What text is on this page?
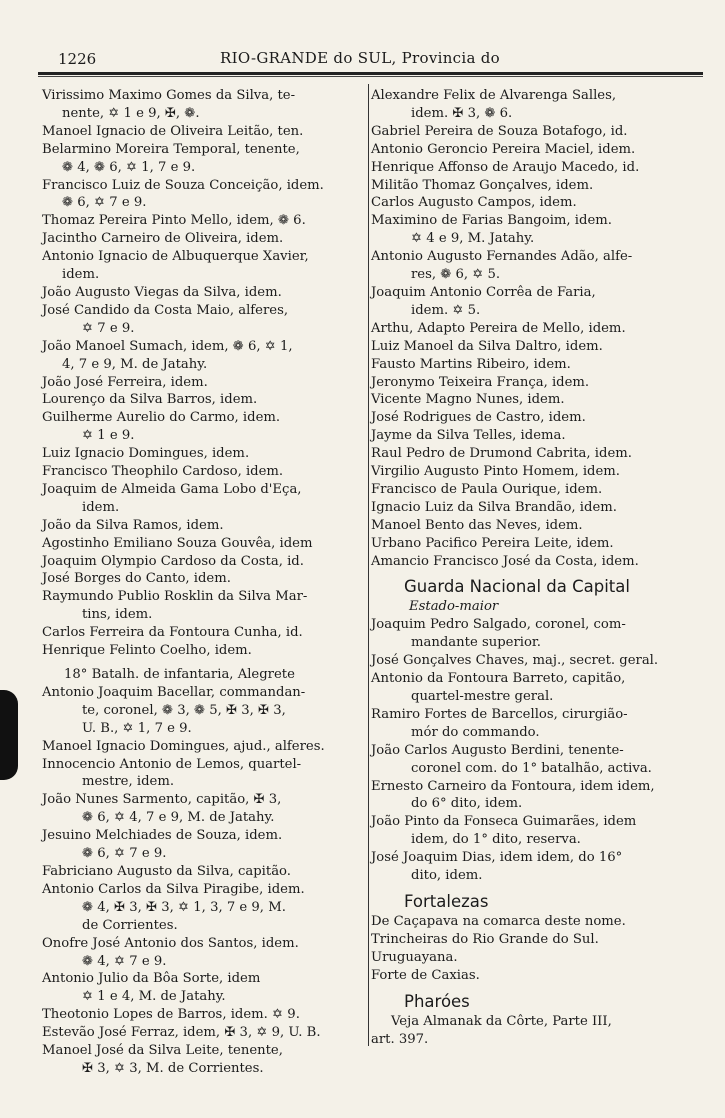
1226	RIO-GRANDE do SUL, Provincia do
Virissimo Maximo Gomes da Silva, te-
nente, ✡ 1 e 9, ✠, ❁.
Manoel Ignacio de Oliveira Leitão, ten.
Belarmino Moreira Temporal, tenente,
❁ 4, ❁ 6, ✡ 1, 7 e 9.
Francisco Luiz de Souza Conceição, idem.
❁ 6, ✡ 7 e 9.
Thomaz Pereira Pinto Mello, idem, ❁ 6.
Jacintho Carneiro de Oliveira, idem.
Antonio Ignacio de Albuquerque Xavier,
idem.
João Augusto Viegas da Silva, idem.
José Candido da Costa Maio, alferes,
✡ 7 e 9.
João Manoel Sumach, idem, ❁ 6, ✡ 1,
4, 7 e 9, M. de Jatahy.
João José Ferreira, idem.
Lourenço da Silva Barros, idem.
Guilherme Aurelio do Carmo, idem.
✡ 1 e 9.
Luiz Ignacio Domingues, idem.
Francisco Theophilo Cardoso, idem.
Joaquim de Almeida Gama Lobo d'Eça,
idem.
João da Silva Ramos, idem.
Agostinho Emiliano Souza Gouvêa, idem
Joaquim Olympio Cardoso da Costa, id.
José Borges do Canto, idem.
Raymundo Publio Rosklin da Silva Mar-
tins, idem.
Carlos Ferreira da Fontoura Cunha, id.
Henrique Felinto Coelho, idem.
18° Batalh. de infantaria, Alegrete
Antonio Joaquim Bacellar, commandan-
te, coronel, ❁ 3, ❁ 5, ✠ 3, ✠ 3,
U. B., ✡ 1, 7 e 9.
Manoel Ignacio Domingues, ajud., alferes.
Innocencio Antonio de Lemos, quartel-
mestre, idem.
João Nunes Sarmento, capitão, ✠ 3,
❁ 6, ✡ 4, 7 e 9, M. de Jatahy.
Jesuino Melchiades de Souza, idem.
❁ 6, ✡ 7 e 9.
Fabriciano Augusto da Silva, capitão.
Antonio Carlos da Silva Piragibe, idem.
❁ 4, ✠ 3, ✠ 3, ✡ 1, 3, 7 e 9, M.
de Corrientes.
Onofre José Antonio dos Santos, idem.
❁ 4, ✡ 7 e 9.
Antonio Julio da Bôa Sorte, idem
✡ 1 e 4, M. de Jatahy.
Theotonio Lopes de Barros, idem. ✡ 9.
Estevão José Ferraz, idem, ✠ 3, ✡ 9, U. B.
Manoel José da Silva Leite, tenente,
✠ 3, ✡ 3, M. de Corrientes.
Alexandre Felix de Alvarenga Salles,
idem. ✠ 3, ❁ 6.
Gabriel Pereira de Souza Botafogo, id.
Antonio Geroncio Pereira Maciel, idem.
Henrique Affonso de Araujo Macedo, id.
Militão Thomaz Gonçalves, idem.
Carlos Augusto Campos, idem.
Maximino de Farias Bangoim, idem.
✡ 4 e 9, M. Jatahy.
Antonio Augusto Fernandes Adão, alfe-
res, ❁ 6, ✡ 5.
Joaquim Antonio Corrêa de Faria,
idem. ✡ 5.
Arthu, Adapto Pereira de Mello, idem.
Luiz Manoel da Silva Daltro, idem.
Fausto Martins Ribeiro, idem.
Jeronymo Teixeira França, idem.
Vicente Magno Nunes, idem.
José Rodrigues de Castro, idem.
Jayme da Silva Telles, idema.
Raul Pedro de Drumond Cabrita, idem.
Virgilio Augusto Pinto Homem, idem.
Francisco de Paula Ourique, idem.
Ignacio Luiz da Silva Brandão, idem.
Manoel Bento das Neves, idem.
Urbano Pacifico Pereira Leite, idem.
Amancio Francisco José da Costa, idem.
Guarda Nacional da Capital
Estado-maior
Joaquim Pedro Salgado, coronel, com-
mandante superior.
José Gonçalves Chaves, maj., secret. geral.
Antonio da Fontoura Barreto, capitão,
quartel-mestre geral.
Ramiro Fortes de Barcellos, cirurgião-
mór do commando.
João Carlos Augusto Berdini, tenente-
coronel com. do 1° batalhão, activa.
Ernesto Carneiro da Fontoura, idem idem,
do 6° dito, idem.
João Pinto da Fonseca Guimarães, idem
idem, do 1° dito, reserva.
José Joaquim Dias, idem idem, do 16°
dito, idem.
Fortalezas
De Caçapava na comarca deste nome.
Trincheiras do Rio Grande do Sul.
Uruguayana.
Forte de Caxias.
Pharóes
Veja Almanak da Côrte, Parte III,
art. 397.
